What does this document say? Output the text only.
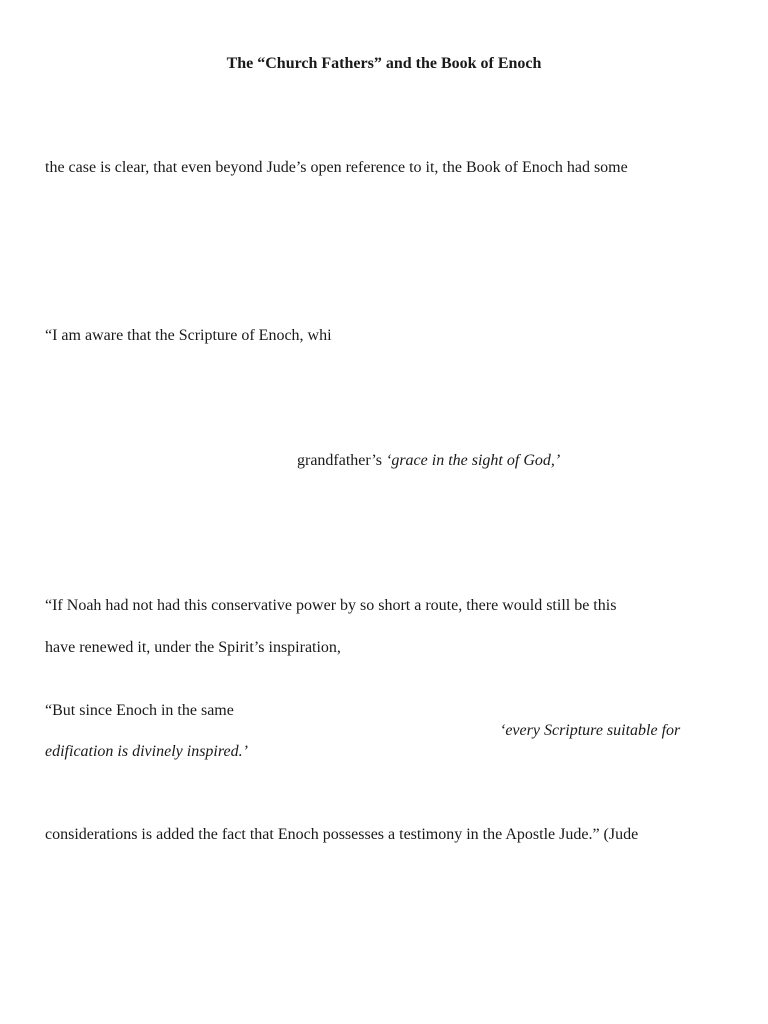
The “Church Fathers” and the Book of Enoch
the case is clear, that even beyond Jude’s open reference to it, the Book of Enoch had some
“I am aware that the Scripture of Enoch, whi
grandfather’s ‘grace in the sight of God,’
“If Noah had not had this conservative power by so short a route, there would still be this
have renewed it, under the Spirit’s inspiration,
“But since Enoch in the same
‘every Scripture suitable for
edification is divinely inspired.’
considerations is added the fact that Enoch possesses a testimony in the Apostle Jude.” (Jude
